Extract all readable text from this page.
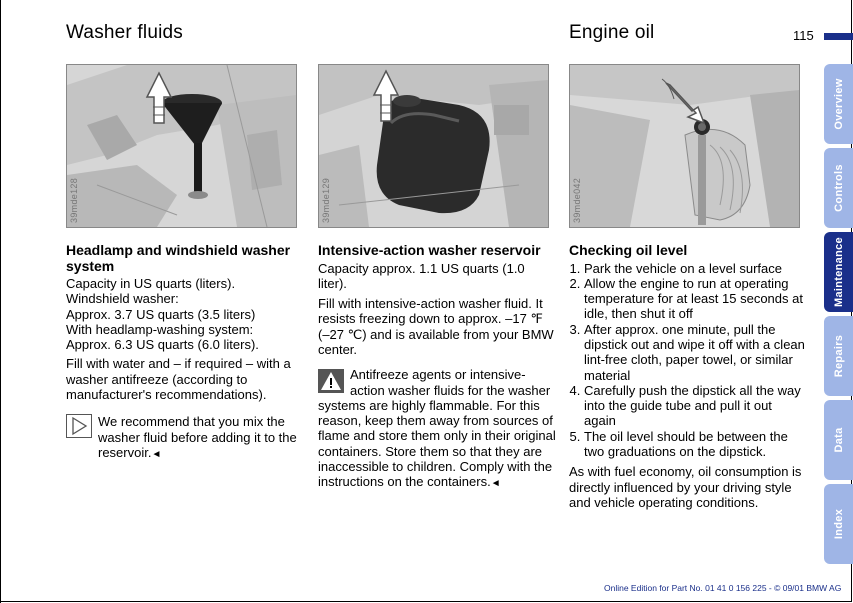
Washer fluids	Engine oil	115
39mde128	39mde129	39mde042
Headlamp and windshield washer system

Capacity in US quarts (liters).
Windshield washer:
Approx. 3.7 US quarts (3.5 liters)
With headlamp-washing system:
Approx. 6.3 US quarts (6.0 liters).

Fill with water and – if required – with a washer antifreeze (according to manufacturer's recommendations).

We recommend that you mix the washer fluid before adding it to the reservoir.◄
Intensive-action washer reservoir

Capacity approx. 1.1 US quarts (1.0 liter).

Fill with intensive-action washer fluid. It resists freezing down to approx. –17 ℉ (–27 ℃) and is available from your BMW center.

Antifreeze agents or intensive-action washer fluids for the washer systems are highly flammable. For this reason, keep them away from sources of flame and store them only in their original containers. Store them so that they are inaccessible to children. Comply with the instructions on the containers.◄
Checking oil level
1. Park the vehicle on a level surface
2. Allow the engine to run at operating temperature for at least 15 seconds at idle, then shut it off
3. After approx. one minute, pull the dipstick out and wipe it off with a clean lint-free cloth, paper towel, or similar material
4. Carefully push the dipstick all the way into the guide tube and pull it out again
5. The oil level should be between the two graduations on the dipstick.

As with fuel economy, oil consumption is directly influenced by your driving style and vehicle operating conditions.

Overview
Controls
Maintenance
Repairs
Data
Index
Online Edition for Part No. 01 41 0 156 225 - © 09/01 BMW AG
